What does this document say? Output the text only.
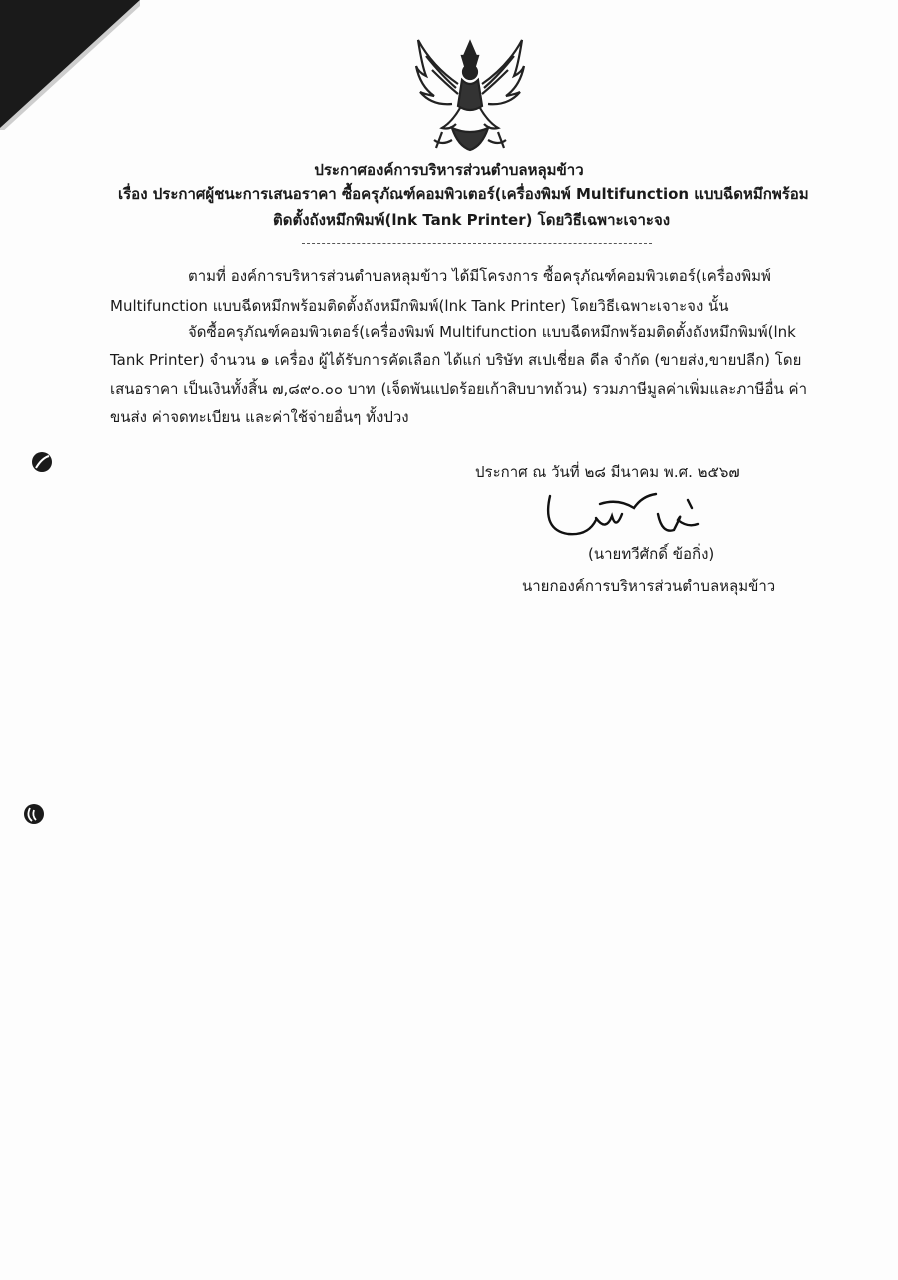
ประกาศองค์การบริหารส่วนตำบลหลุมข้าว
เรื่อง ประกาศผู้ชนะการเสนอราคา ซื้อครุภัณฑ์คอมพิวเตอร์(เครื่องพิมพ์ Multifunction แบบฉีดหมึกพร้อม
ติดตั้งถังหมึกพิมพ์(lnk Tank Printer) โดยวิธีเฉพาะเจาะจง
ตามที่ องค์การบริหารส่วนตำบลหลุมข้าว ได้มีโครงการ ซื้อครุภัณฑ์คอมพิวเตอร์(เครื่องพิมพ์
Multifunction แบบฉีดหมึกพร้อมติดตั้งถังหมึกพิมพ์(lnk Tank Printer) โดยวิธีเฉพาะเจาะจง นั้น
จัดซื้อครุภัณฑ์คอมพิวเตอร์(เครื่องพิมพ์ Multifunction แบบฉีดหมึกพร้อมติดตั้งถังหมึกพิมพ์(lnk
Tank Printer) จำนวน ๑ เครื่อง ผู้ได้รับการคัดเลือก ได้แก่ บริษัท สเปเชี่ยล ดีล จำกัด (ขายส่ง,ขายปลีก) โดย
เสนอราคา เป็นเงินทั้งสิ้น ๗,๘๙๐.๐๐ บาท (เจ็ดพันแปดร้อยเก้าสิบบาทถ้วน) รวมภาษีมูลค่าเพิ่มและภาษีอื่น ค่า
ขนส่ง ค่าจดทะเบียน และค่าใช้จ่ายอื่นๆ ทั้งปวง
ประกาศ ณ วันที่ ๒๘ มีนาคม พ.ศ. ๒๕๖๗
(นายทวีศักดิ์ ข้อกิ่ง)
นายกองค์การบริหารส่วนตำบลหลุมข้าว
